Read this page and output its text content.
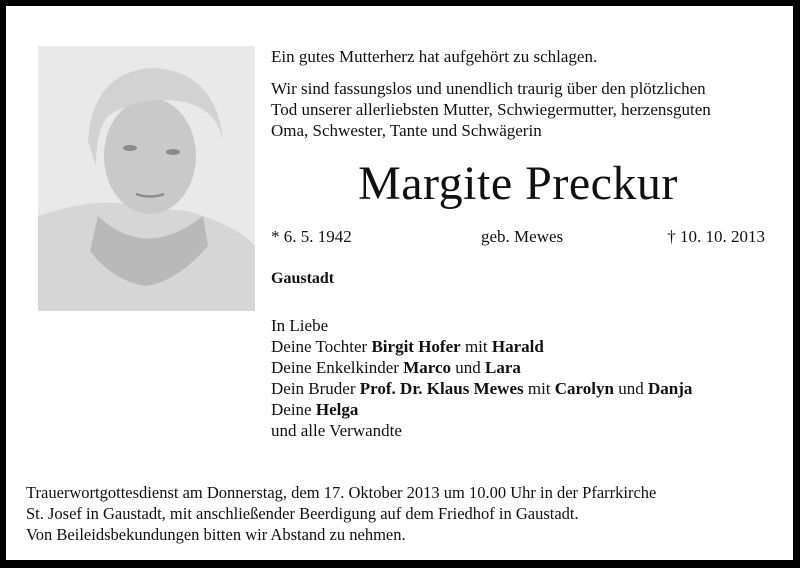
Ein gutes Mutterherz hat aufgehört zu schlagen.
Wir sind fassungslos und unendlich traurig über den plötzlichen
Tod unserer allerliebsten Mutter, Schwiegermutter, herzensguten
Oma, Schwester, Tante und Schwägerin
Margite Preckur
* 6. 5. 1942	geb. Mewes	† 10. 10. 2013
Gaustadt
In Liebe
Deine Tochter Birgit Hofer mit Harald
Deine Enkelkinder Marco und Lara
Dein Bruder Prof. Dr. Klaus Mewes mit Carolyn und Danja
Deine Helga
und alle Verwandte
Trauerwortgottesdienst am Donnerstag, dem 17. Oktober 2013 um 10.00 Uhr in der Pfarrkirche
St. Josef in Gaustadt, mit anschließender Beerdigung auf dem Friedhof in Gaustadt.
Von Beileidsbekundungen bitten wir Abstand zu nehmen.
